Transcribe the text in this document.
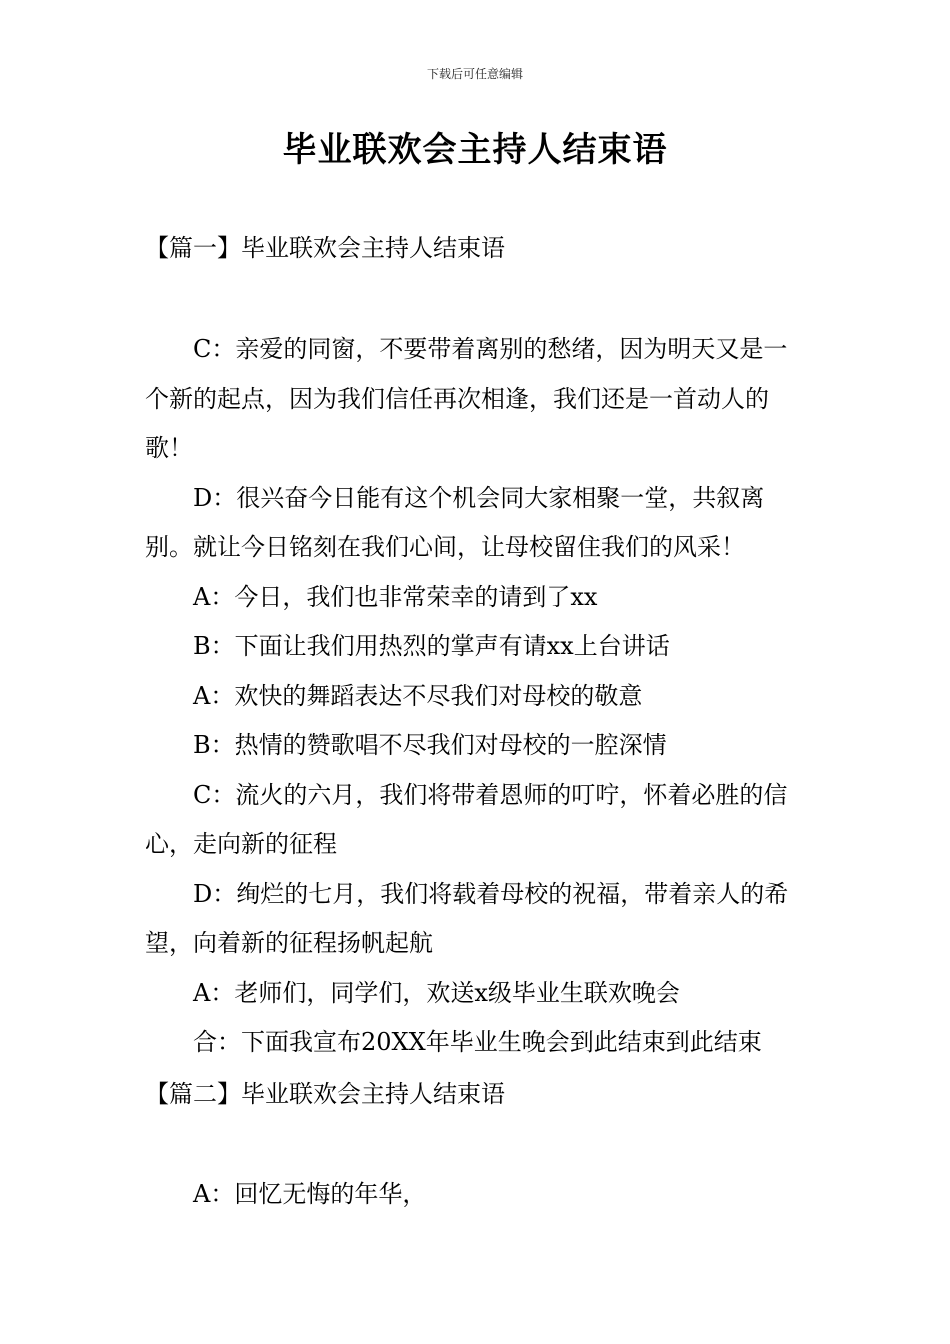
下载后可任意编辑
毕业联欢会主持人结束语
【篇一】毕业联欢会主持人结束语

C：亲爱的同窗，不要带着离别的愁绪，因为明天又是一个新的起点，因为我们信任再次相逢，我们还是一首动人的歌！

D：很兴奋今日能有这个机会同大家相聚一堂，共叙离别。就让今日铭刻在我们心间，让母校留住我们的风采！

A：今日，我们也非常荣幸的请到了xx

B：下面让我们用热烈的掌声有请xx上台讲话

A：欢快的舞蹈表达不尽我们对母校的敬意

B：热情的赞歌唱不尽我们对母校的一腔深情

C：流火的六月，我们将带着恩师的叮咛，怀着必胜的信心，走向新的征程

D：绚烂的七月，我们将载着母校的祝福，带着亲人的希望，向着新的征程扬帆起航

A：老师们，同学们，欢送x级毕业生联欢晚会

合：下面我宣布20XX年毕业生晚会到此结束到此结束

【篇二】毕业联欢会主持人结束语

A：回忆无悔的年华，
